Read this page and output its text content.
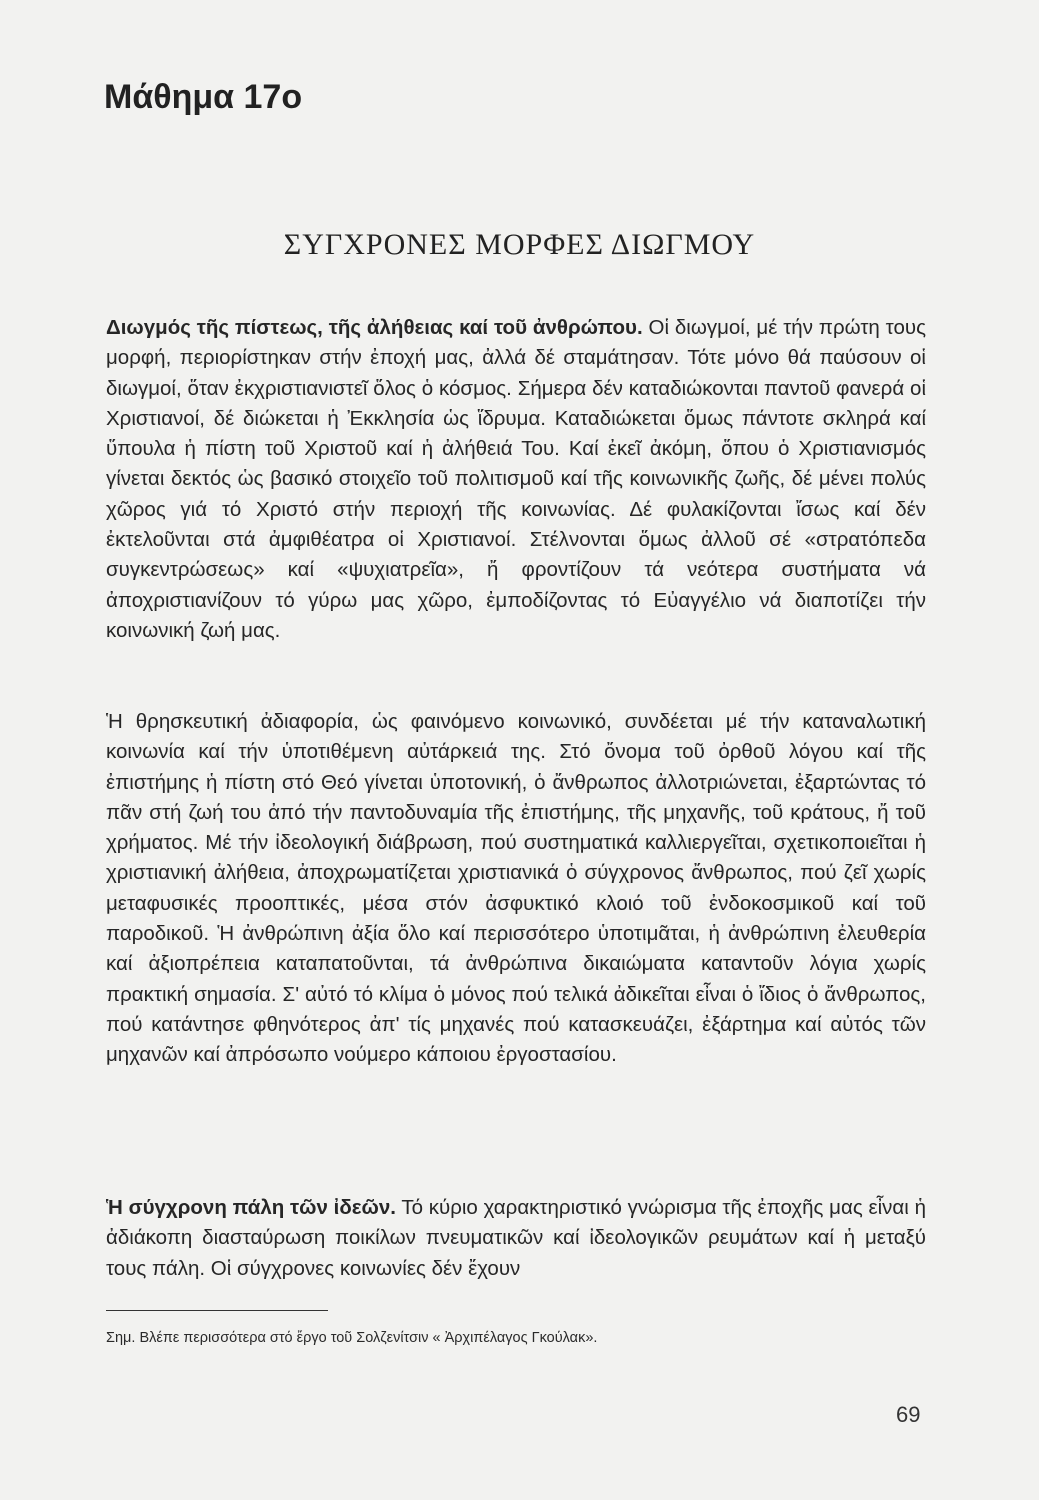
Μάθημα 17ο
ΣΥΓΧΡΟΝΕΣ ΜΟΡΦΕΣ ΔΙΩΓΜΟΥ

Διωγμός τῆς πίστεως, τῆς ἀλήθειας καί τοῦ ἀνθρώπου. Οἱ διωγμοί, μέ τήν πρώτη τους μορφή, περιορίστηκαν στήν ἐποχή μας, ἀλλά δέ σταμάτησαν. Τότε μόνο θά παύσουν οἱ διωγμοί, ὅταν ἐκχριστιανιστεῖ ὅλος ὁ κόσμος. Σήμερα δέν καταδιώκονται παντοῦ φανερά οἱ Χριστιανοί, δέ διώκεται ἡ Ἐκκλησία ὡς ἵδρυμα. Καταδιώκεται ὅμως πάντοτε σκληρά καί ὕπουλα ἡ πίστη τοῦ Χριστοῦ καί ἡ ἀλήθειά Του. Καί ἐκεῖ ἀκόμη, ὅπου ὁ Χριστιανισμός γίνεται δεκτός ὡς βασικό στοιχεῖο τοῦ πολιτισμοῦ καί τῆς κοινωνικῆς ζωῆς, δέ μένει πολύς χῶρος γιά τό Χριστό στήν περιοχή τῆς κοινωνίας. Δέ φυλακίζονται ἴσως καί δέν ἐκτελοῦνται στά ἀμφιθέατρα οἱ Χριστιανοί. Στέλνονται ὅμως ἀλλοῦ σέ «στρατόπεδα συγκεντρώσεως» καί «ψυχιατρεῖα», ἤ φροντίζουν τά νεότερα συστήματα νά ἀποχριστιανίζουν τό γύρω μας χῶρο, ἐμποδίζοντας τό Εὐαγγέλιο νά διαποτίζει τήν κοινωνική ζωή μας.

Ἡ θρησκευτική ἀδιαφορία, ὡς φαινόμενο κοινωνικό, συνδέεται μέ τήν καταναλωτική κοινωνία καί τήν ὑποτιθέμενη αὐτάρκειά της. Στό ὄνομα τοῦ ὀρθοῦ λόγου καί τῆς ἐπιστήμης ἡ πίστη στό Θεό γίνεται ὑποτονική, ὁ ἄνθρωπος ἀλλοτριώνεται, ἐξαρτώντας τό πᾶν στή ζωή του ἀπό τήν παντοδυναμία τῆς ἐπιστήμης, τῆς μηχανῆς, τοῦ κράτους, ἤ τοῦ χρήματος. Μέ τήν ἰδεολογική διάβρωση, πού συστηματικά καλλιεργεῖται, σχετικοποιεῖται ἡ χριστιανική ἀλήθεια, ἀποχρωματίζεται χριστιανικά ὁ σύγχρονος ἄνθρωπος, πού ζεῖ χωρίς μεταφυσικές προοπτικές, μέσα στόν ἀσφυκτικό κλοιό τοῦ ἐνδοκοσμικοῦ καί τοῦ παροδικοῦ. Ἡ ἀνθρώπινη ἀξία ὅλο καί περισσότερο ὑποτιμᾶται, ἡ ἀνθρώπινη ἐλευθερία καί ἀξιοπρέπεια καταπατοῦνται, τά ἀνθρώπινα δικαιώματα καταντοῦν λόγια χωρίς πρακτική σημασία. Σ' αὐτό τό κλίμα ὁ μόνος πού τελικά ἀδικεῖται εἶναι ὁ ἴδιος ὁ ἄνθρωπος, πού κατάντησε φθηνότερος ἀπ' τίς μηχανές πού κατασκευάζει, ἐξάρτημα καί αὐτός τῶν μηχανῶν καί ἀπρόσωπο νούμερο κάποιου ἐργοστασίου.

Ἡ σύγχρονη πάλη τῶν ἰδεῶν. Τό κύριο χαρακτηριστικό γνώρισμα τῆς ἐποχῆς μας εἶναι ἡ ἀδιάκοπη διασταύρωση ποικίλων πνευματικῶν καί ἰδεολογικῶν ρευμάτων καί ἡ μεταξύ τους πάλη. Οἱ σύγχρονες κοινωνίες δέν ἔχουν

Σημ. Βλέπε περισσότερα στό ἔργο τοῦ Σολζενίτσιν « Ἀρχιπέλαγος Γκούλακ».

69
